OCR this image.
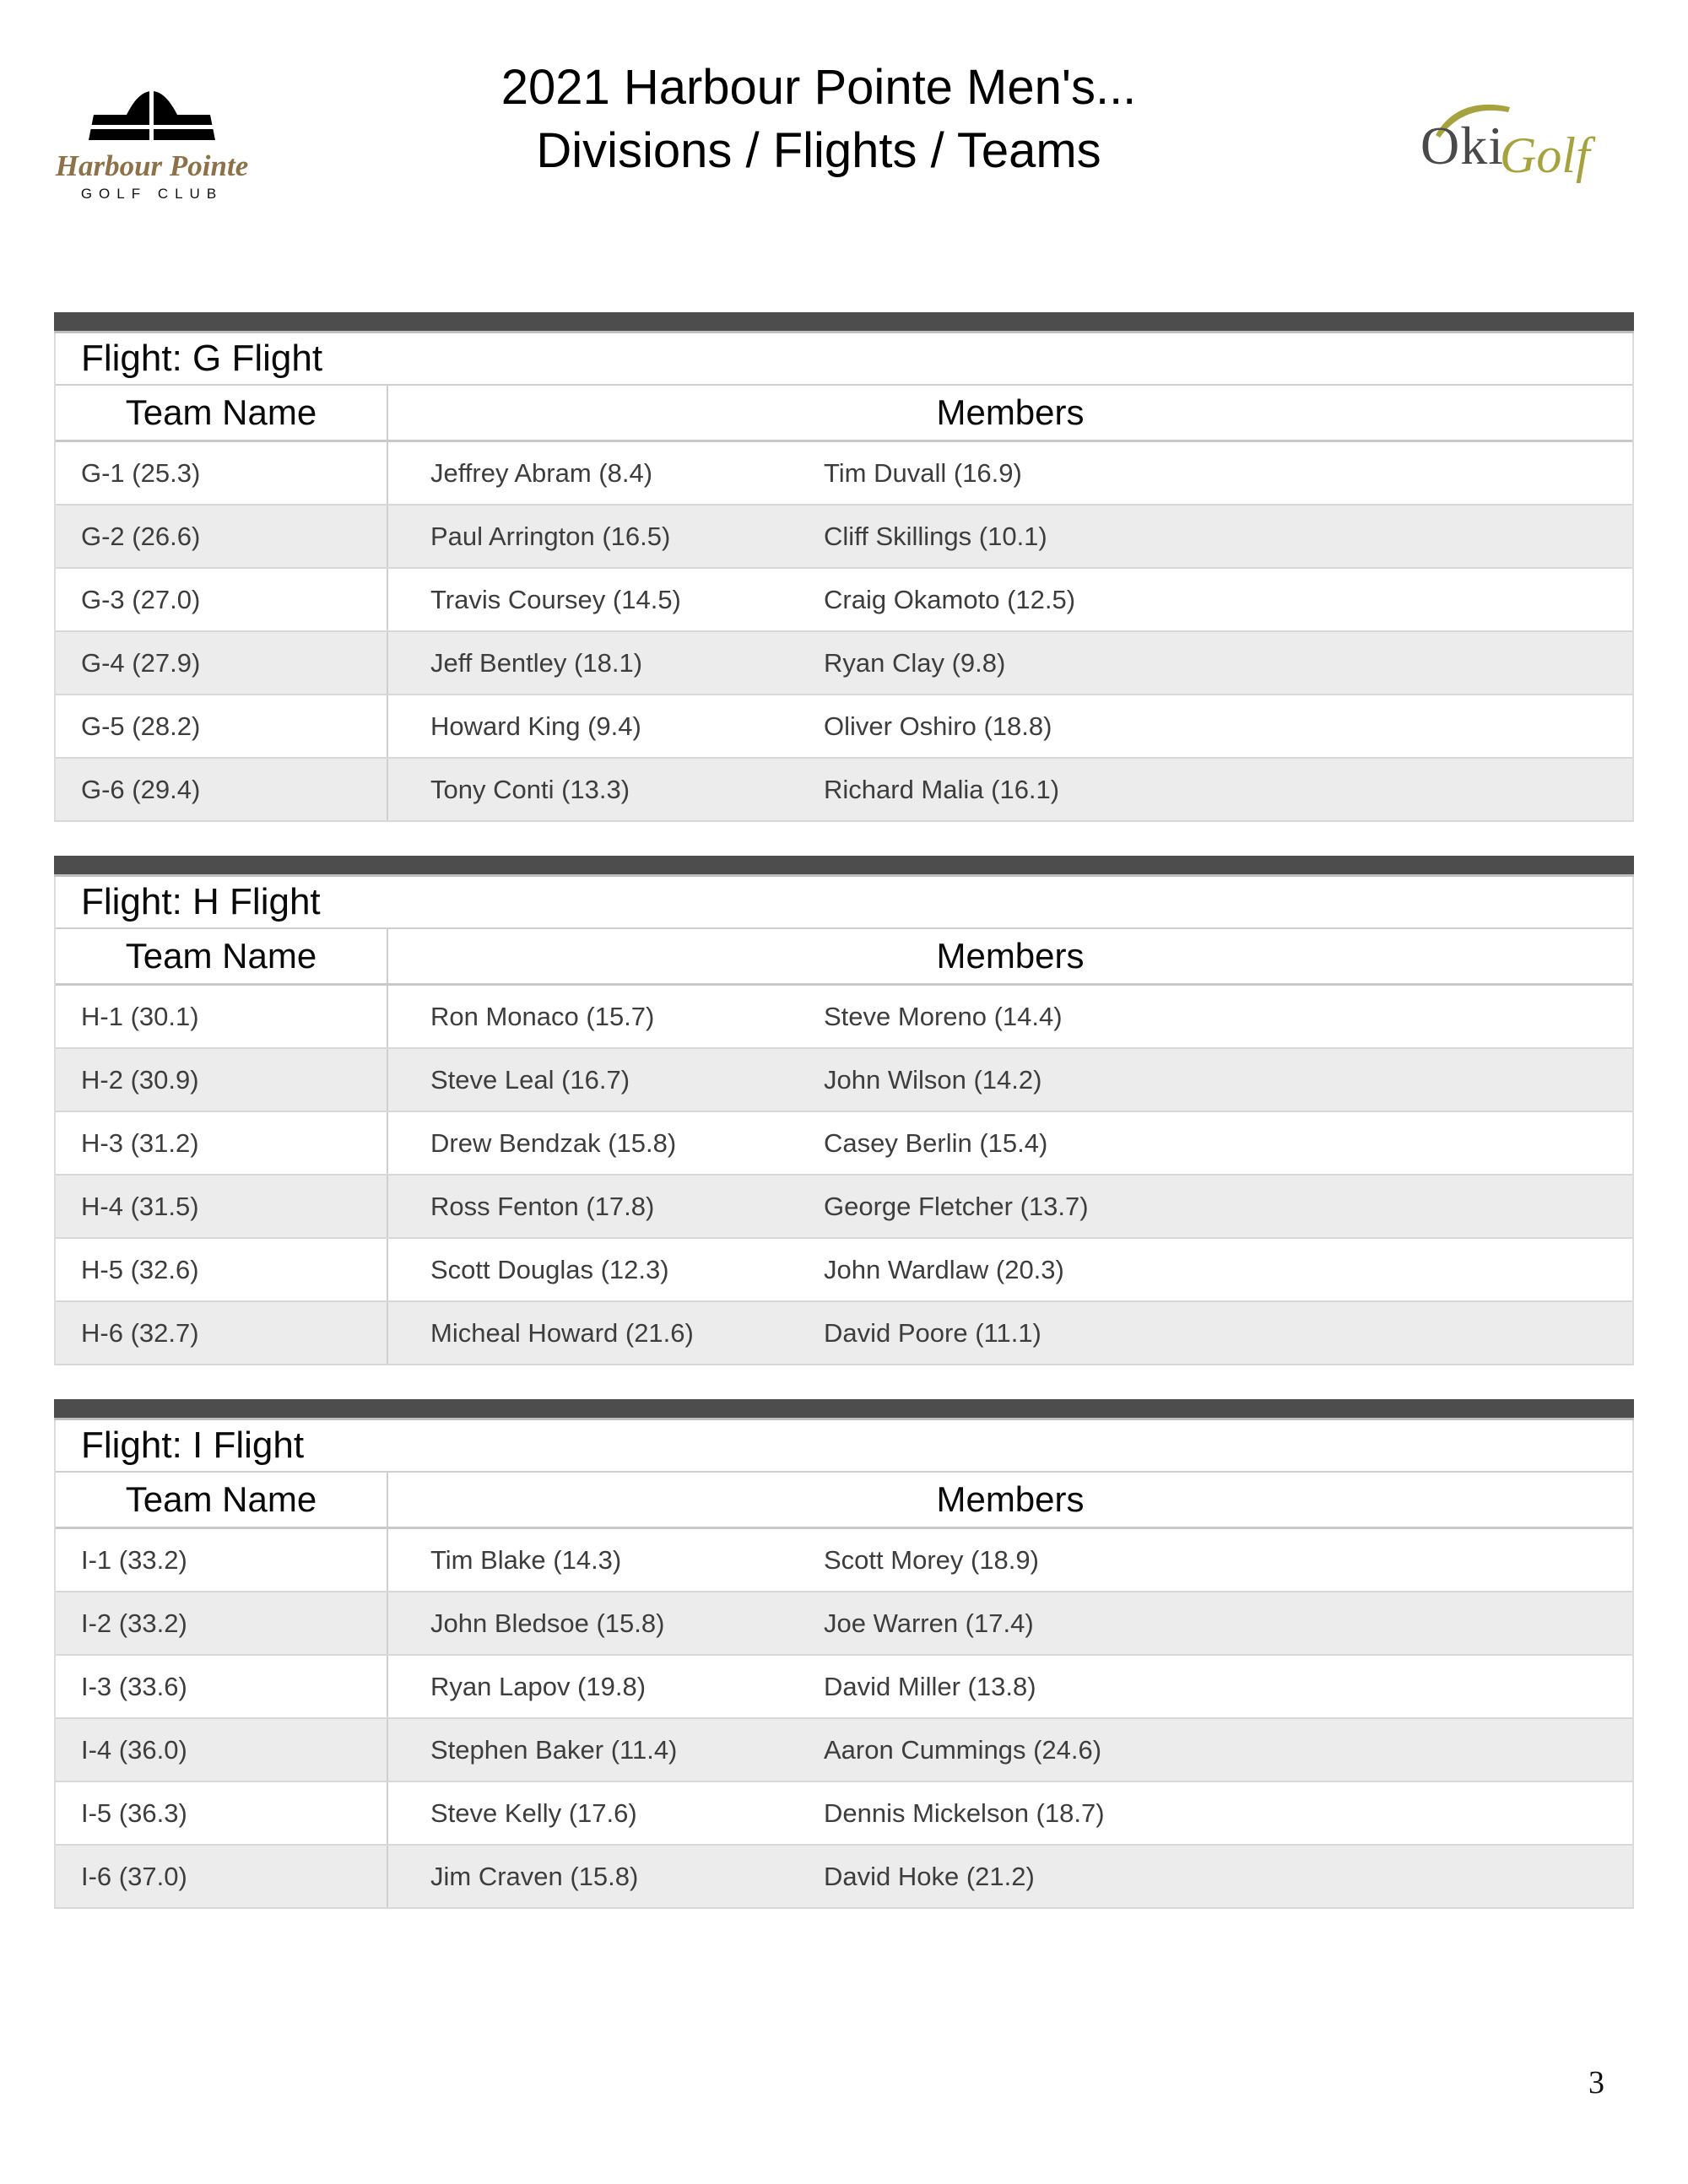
Harbour Pointe
GOLF CLUB
2021 Harbour Pointe Men's...
Divisions / Flights / Teams	Oki
Golf
Flight: G Flight
Team Name	Members
G-1 (25.3)	Jeffrey Abram (8.4)	Tim Duvall (16.9)
G-2 (26.6)	Paul Arrington (16.5)	Cliff Skillings (10.1)
G-3 (27.0)	Travis Coursey (14.5)	Craig Okamoto (12.5)
G-4 (27.9)	Jeff Bentley (18.1)	Ryan Clay (9.8)
G-5 (28.2)	Howard King (9.4)	Oliver Oshiro (18.8)
G-6 (29.4)	Tony Conti (13.3)	Richard Malia (16.1)
Flight: H Flight
Team Name	Members
H-1 (30.1)	Ron Monaco (15.7)	Steve Moreno (14.4)
H-2 (30.9)	Steve Leal (16.7)	John Wilson (14.2)
H-3 (31.2)	Drew Bendzak (15.8)	Casey Berlin (15.4)
H-4 (31.5)	Ross Fenton (17.8)	George Fletcher (13.7)
H-5 (32.6)	Scott Douglas (12.3)	John Wardlaw (20.3)
H-6 (32.7)	Micheal Howard (21.6)	David Poore (11.1)
Flight: I Flight
Team Name	Members
I-1 (33.2)	Tim Blake (14.3)	Scott Morey (18.9)
I-2 (33.2)	John Bledsoe (15.8)	Joe Warren (17.4)
I-3 (33.6)	Ryan Lapov (19.8)	David Miller (13.8)
I-4 (36.0)	Stephen Baker (11.4)	Aaron Cummings (24.6)
I-5 (36.3)	Steve Kelly (17.6)	Dennis Mickelson (18.7)
I-6 (37.0)	Jim Craven (15.8)	David Hoke (21.2)
3
